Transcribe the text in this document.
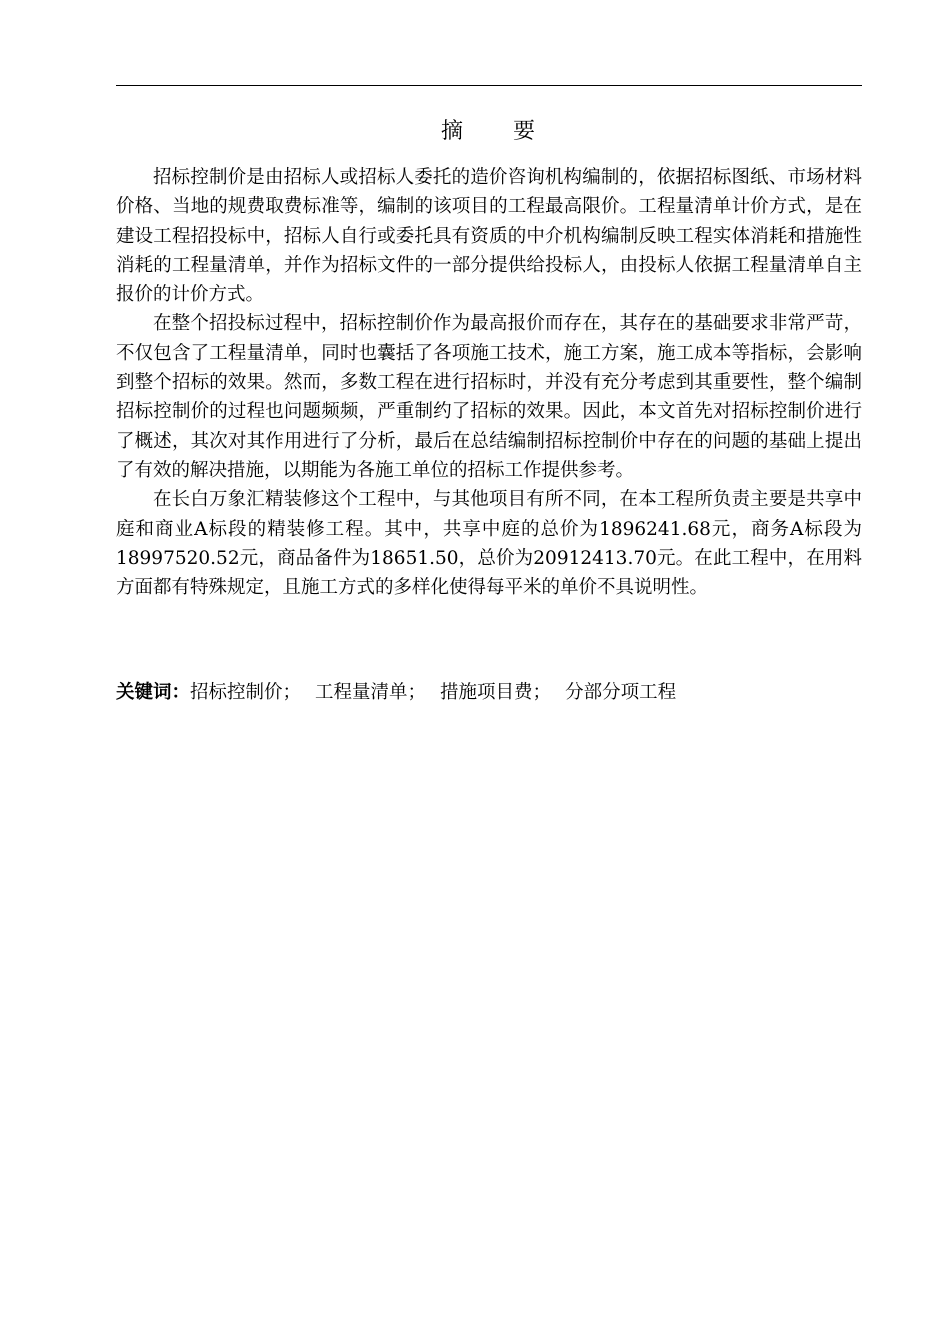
摘　　要

招标控制价是由招标人或招标人委托的造价咨询机构编制的，依据招标图纸、市场材料价格、当地的规费取费标准等，编制的该项目的工程最高限价。工程量清单计价方式，是在建设工程招投标中，招标人自行或委托具有资质的中介机构编制反映工程实体消耗和措施性消耗的工程量清单，并作为招标文件的一部分提供给投标人，由投标人依据工程量清单自主报价的计价方式。

在整个招投标过程中，招标控制价作为最高报价而存在，其存在的基础要求非常严苛，不仅包含了工程量清单，同时也囊括了各项施工技术，施工方案，施工成本等指标，会影响到整个招标的效果。然而，多数工程在进行招标时，并没有充分考虑到其重要性，整个编制招标控制价的过程也问题频频，严重制约了招标的效果。因此，本文首先对招标控制价进行了概述，其次对其作用进行了分析，最后在总结编制招标控制价中存在的问题的基础上提出了有效的解决措施，以期能为各施工单位的招标工作提供参考。

在长白万象汇精装修这个工程中，与其他项目有所不同，在本工程所负责主要是共享中庭和商业A标段的精装修工程。其中，共享中庭的总价为1896241.68元，商务A标段为18997520.52元，商品备件为18651.50，总价为20912413.70元。在此工程中，在用料方面都有特殊规定，且施工方式的多样化使得每平米的单价不具说明性。

关键词：招标控制价； 工程量清单； 措施项目费； 分部分项工程
